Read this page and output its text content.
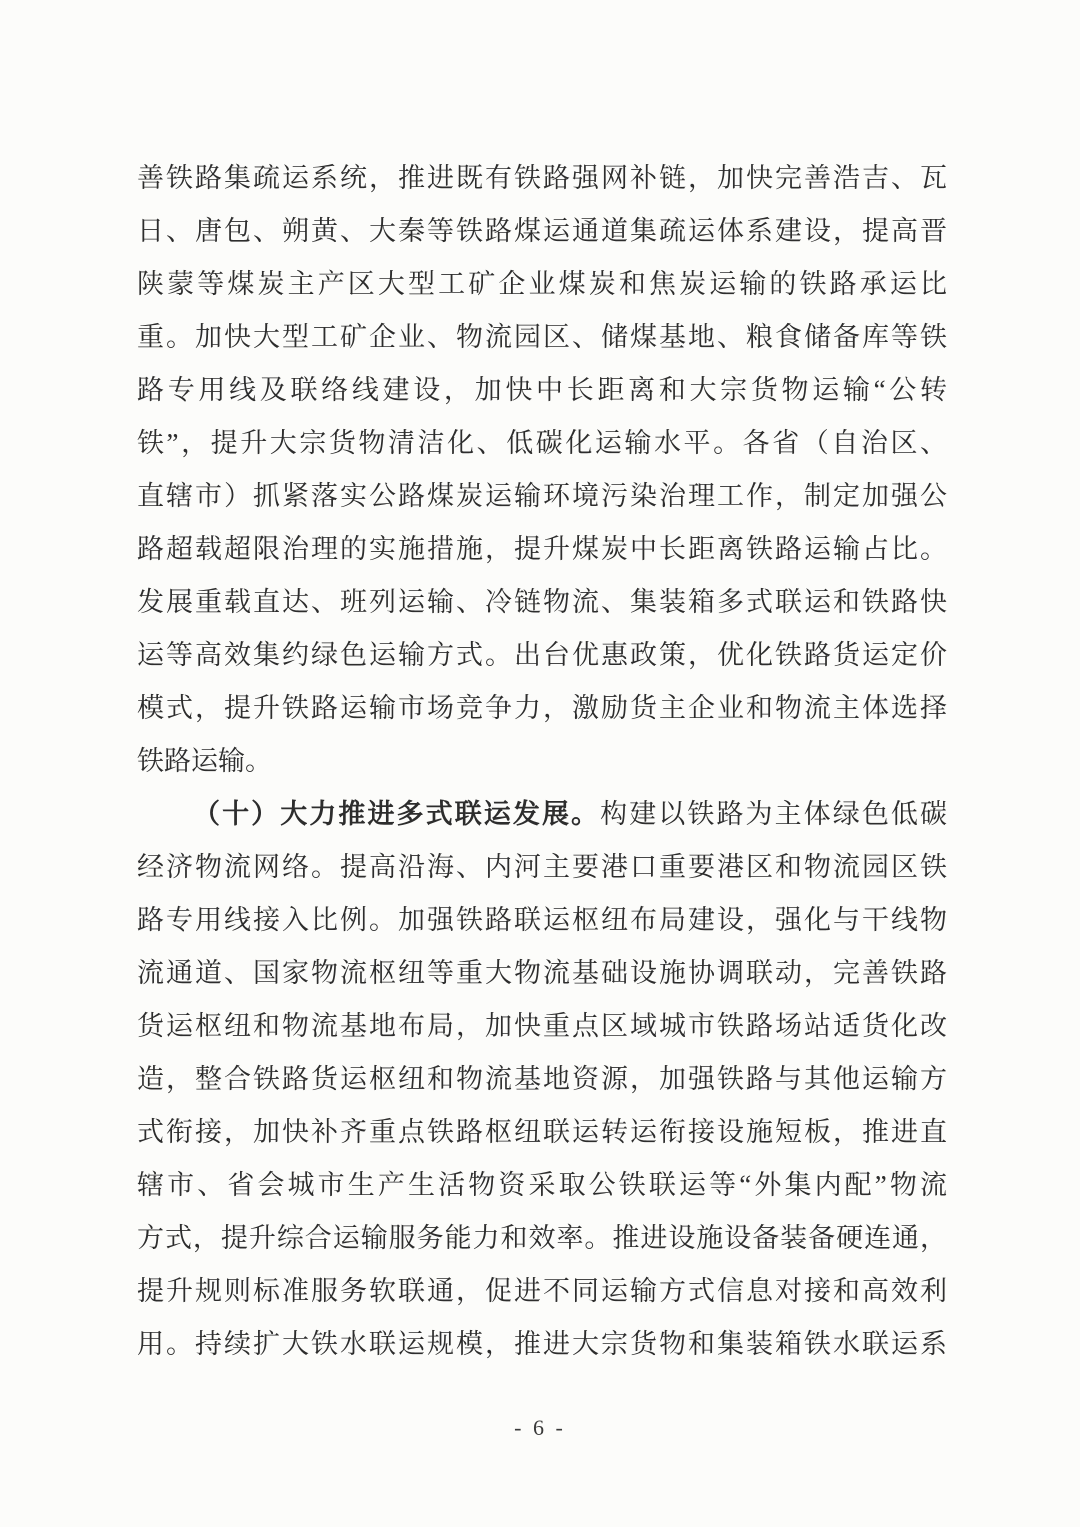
善铁路集疏运系统，推进既有铁路强网补链，加快完善浩吉、瓦
日、唐包、朔黄、大秦等铁路煤运通道集疏运体系建设，提高晋
陕蒙等煤炭主产区大型工矿企业煤炭和焦炭运输的铁路承运比
重。加快大型工矿企业、物流园区、储煤基地、粮食储备库等铁
路专用线及联络线建设，加快中长距离和大宗货物运输“公转
铁”，提升大宗货物清洁化、低碳化运输水平。各省（自治区、
直辖市）抓紧落实公路煤炭运输环境污染治理工作，制定加强公
路超载超限治理的实施措施，提升煤炭中长距离铁路运输占比。
发展重载直达、班列运输、冷链物流、集装箱多式联运和铁路快
运等高效集约绿色运输方式。出台优惠政策，优化铁路货运定价
模式，提升铁路运输市场竞争力，激励货主企业和物流主体选择
铁路运输。
（十）大力推进多式联运发展。构建以铁路为主体绿色低碳
经济物流网络。提高沿海、内河主要港口重要港区和物流园区铁
路专用线接入比例。加强铁路联运枢纽布局建设，强化与干线物
流通道、国家物流枢纽等重大物流基础设施协调联动，完善铁路
货运枢纽和物流基地布局，加快重点区域城市铁路场站适货化改
造，整合铁路货运枢纽和物流基地资源，加强铁路与其他运输方
式衔接，加快补齐重点铁路枢纽联运转运衔接设施短板，推进直
辖市、省会城市生产生活物资采取公铁联运等“外集内配”物流
方式，提升综合运输服务能力和效率。推进设施设备装备硬连通，
提升规则标准服务软联通，促进不同运输方式信息对接和高效利
用。持续扩大铁水联运规模，推进大宗货物和集装箱铁水联运系
- 6 -
